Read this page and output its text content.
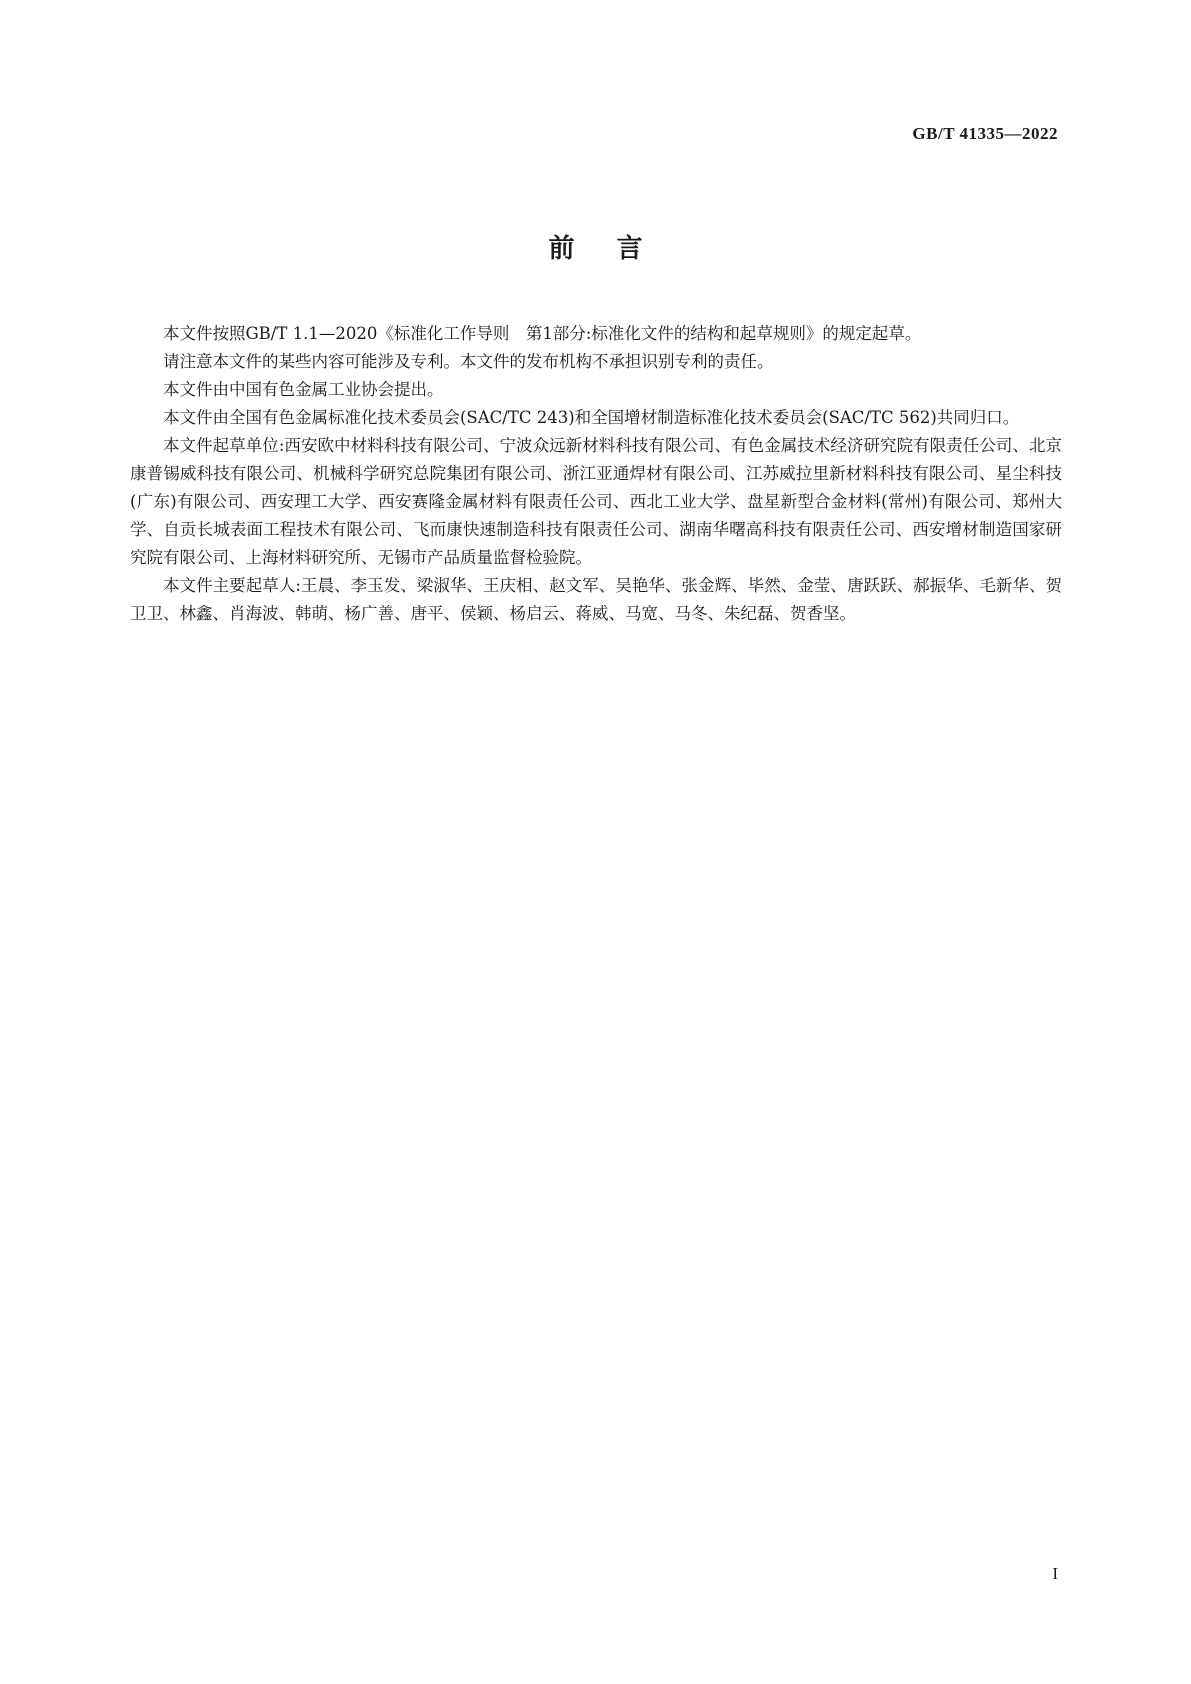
GB/T 41335—2022
前言

本文件按照GB/T 1.1—2020《标准化工作导则　第1部分:标准化文件的结构和起草规则》的规定起草。

请注意本文件的某些内容可能涉及专利。本文件的发布机构不承担识别专利的责任。

本文件由中国有色金属工业协会提出。

本文件由全国有色金属标准化技术委员会(SAC/TC 243)和全国增材制造标准化技术委员会(SAC/TC 562)共同归口。

本文件起草单位:西安欧中材料科技有限公司、宁波众远新材料科技有限公司、有色金属技术经济研究院有限责任公司、北京康普锡威科技有限公司、机械科学研究总院集团有限公司、浙江亚通焊材有限公司、江苏威拉里新材料科技有限公司、星尘科技(广东)有限公司、西安理工大学、西安赛隆金属材料有限责任公司、西北工业大学、盘星新型合金材料(常州)有限公司、郑州大学、自贡长城表面工程技术有限公司、飞而康快速制造科技有限责任公司、湖南华曙高科技有限责任公司、西安增材制造国家研究院有限公司、上海材料研究所、无锡市产品质量监督检验院。

本文件主要起草人:王晨、李玉发、梁淑华、王庆相、赵文军、吴艳华、张金辉、毕然、金莹、唐跃跃、郝振华、毛新华、贺卫卫、林鑫、肖海波、韩萌、杨广善、唐平、侯颖、杨启云、蒋威、马宽、马冬、朱纪磊、贺香坚。

I
